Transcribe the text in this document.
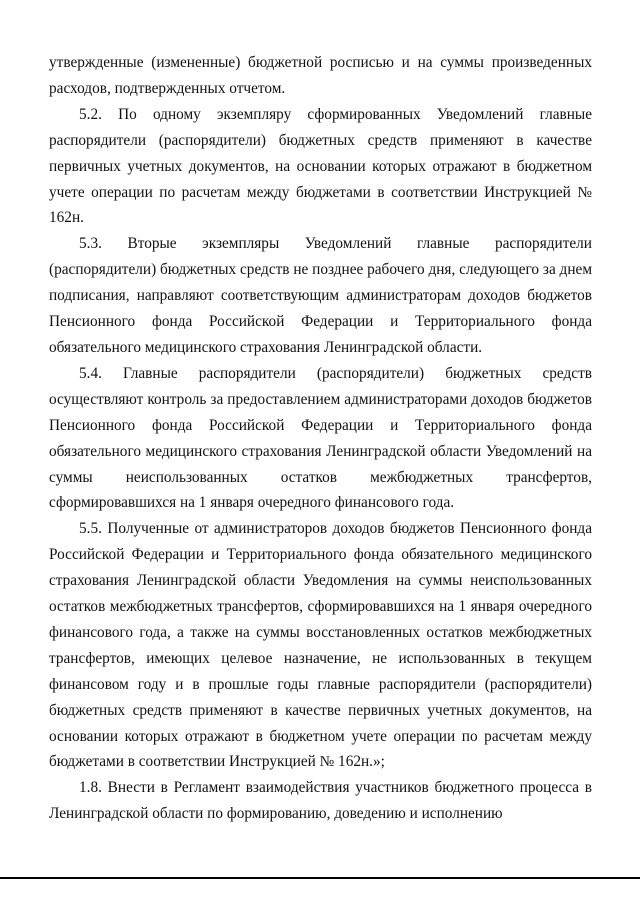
утвержденные (измененные) бюджетной росписью и на суммы произведенных расходов, подтвержденных отчетом.

5.2. По одному экземпляру сформированных Уведомлений главные распорядители (распорядители) бюджетных средств применяют в качестве первичных учетных документов, на основании которых отражают в бюджетном учете операции по расчетам между бюджетами в соответствии Инструкцией № 162н.

5.3. Вторые экземпляры Уведомлений главные распорядители (распорядители) бюджетных средств не позднее рабочего дня, следующего за днем подписания, направляют соответствующим администраторам доходов бюджетов Пенсионного фонда Российской Федерации и Территориального фонда обязательного медицинского страхования Ленинградской области.

5.4. Главные распорядители (распорядители) бюджетных средств осуществляют контроль за предоставлением администраторами доходов бюджетов Пенсионного фонда Российской Федерации и Территориального фонда обязательного медицинского страхования Ленинградской области Уведомлений на суммы неиспользованных остатков межбюджетных трансфертов, сформировавшихся на 1 января очередного финансового года.

5.5. Полученные от администраторов доходов бюджетов Пенсионного фонда Российской Федерации и Территориального фонда обязательного медицинского страхования Ленинградской области Уведомления на суммы неиспользованных остатков межбюджетных трансфертов, сформировавшихся на 1 января очередного финансового года, а также на суммы восстановленных остатков межбюджетных трансфертов, имеющих целевое назначение, не использованных в текущем финансовом году и в прошлые годы главные распорядители (распорядители) бюджетных средств применяют в качестве первичных учетных документов, на основании которых отражают в бюджетном учете операции по расчетам между бюджетами в соответствии Инструкцией № 162н.»;

1.8. Внести в Регламент взаимодействия участников бюджетного процесса в Ленинградской области по формированию, доведению и исполнению
